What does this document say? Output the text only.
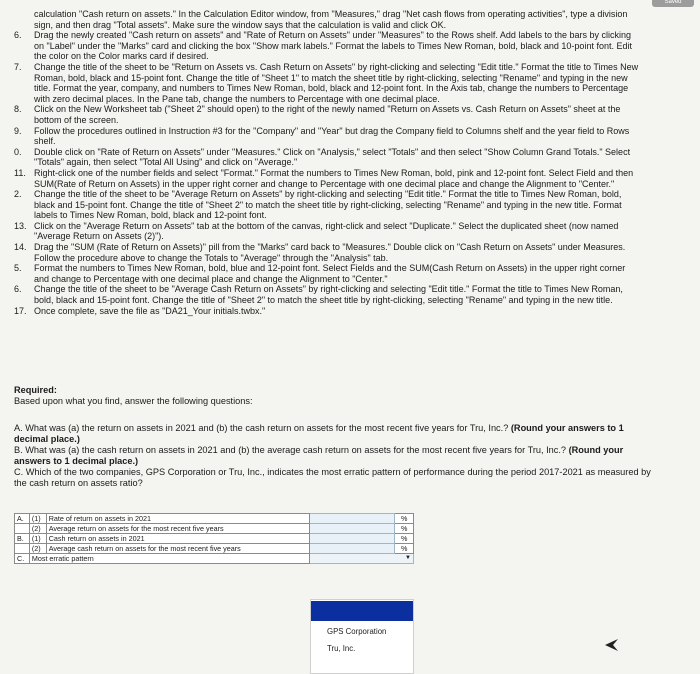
Saved
calculation "Cash return on assets." In the Calculation Editor window, from "Measures," drag "Net cash flows from operating activities", type a division sign, and then drag "Total assets". Make sure the window says that the calculation is valid and click OK.
6.	Drag the newly created "Cash return on assets" and "Rate of Return on Assets" under "Measures" to the Rows shelf. Add labels to the bars by clicking on "Label" under the "Marks" card and clicking the box "Show mark labels." Format the labels to Times New Roman, bold, black and 10-point font. Edit the color on the Color marks card if desired.
7.	Change the title of the sheet to be "Return on Assets vs. Cash Return on Assets" by right-clicking and selecting "Edit title." Format the title to Times New Roman, bold, black and 15-point font. Change the title of "Sheet 1" to match the sheet title by right-clicking, selecting "Rename" and typing in the new title. Format the year, company, and numbers to Times New Roman, bold, black and 12-point font. In the Axis tab, change the numbers to Percentage with zero decimal places. In the Pane tab, change the numbers to Percentage with one decimal place.
8.	Click on the New Worksheet tab ("Sheet 2" should open) to the right of the newly named "Return on Assets vs. Cash Return on Assets" sheet at the bottom of the screen.
9.	Follow the procedures outlined in Instruction #3 for the "Company" and "Year" but drag the Company field to Columns shelf and the year field to Rows shelf.
0.	Double click on "Rate of Return on Assets" under "Measures." Click on "Analysis," select "Totals" and then select "Show Column Grand Totals." Select "Totals" again, then select "Total All Using" and click on "Average."
11. Right-click one of the number fields and select "Format." Format the numbers to Times New Roman, bold, pink and 12-point font. Select Field and then SUM(Rate of Return on Assets) in the upper right corner and change to Percentage with one decimal place and change the Alignment to "Center."
2.	Change the title of the sheet to be "Average Return on Assets" by right-clicking and selecting "Edit title." Format the title to Times New Roman, bold, black and 15-point font. Change the title of "Sheet 2" to match the sheet title by right-clicking, selecting "Rename" and typing in the new title. Format labels to Times New Roman, bold, black and 12-point font.
13. Click on the "Average Return on Assets" tab at the bottom of the canvas, right-click and select "Duplicate." Select the duplicated sheet (now named "Average Return on Assets (2)").
14. Drag the "SUM (Rate of Return on Assets)" pill from the "Marks" card back to "Measures." Double click on "Cash Return on Assets" under Measures. Follow the procedure above to change the Totals to "Average" through the "Analysis" tab.
5.	Format the numbers to Times New Roman, bold, blue and 12-point font. Select Fields and the SUM(Cash Return on Assets) in the upper right corner and change to Percentage with one decimal place and change the Alignment to "Center."
6.	Change the title of the sheet to be "Average Cash Return on Assets" by right-clicking and selecting "Edit title." Format the title to Times New Roman, bold, black and 15-point font. Change the title of "Sheet 2" to match the sheet title by right-clicking, selecting "Rename" and typing in the new title.
17. Once complete, save the file as "DA21_Your initials.twbx."
Required:
Based upon what you find, answer the following questions:
A. What was (a) the return on assets in 2021 and (b) the cash return on assets for the most recent five years for Tru, Inc.? (Round your answers to 1 decimal place.)
B. What was (a) the cash return on assets in 2021 and (b) the average cash return on assets for the most recent five years for Tru, Inc.? (Round your answers to 1 decimal place.)
C. Which of the two companies, GPS Corporation or Tru, Inc., indicates the most erratic pattern of performance during the period 2017-2021 as measured by the cash return on assets ratio?
A.	(1)	Rate of return on assets in 2021		%
	(2)	Average return on assets for the most recent five years		%
B.	(1)	Cash return on assets in 2021		%
	(2)	Average cash return on assets for the most recent five years		%
C.	Most erratic pattern		▼	
GPS Corporation
Tru, Inc.
